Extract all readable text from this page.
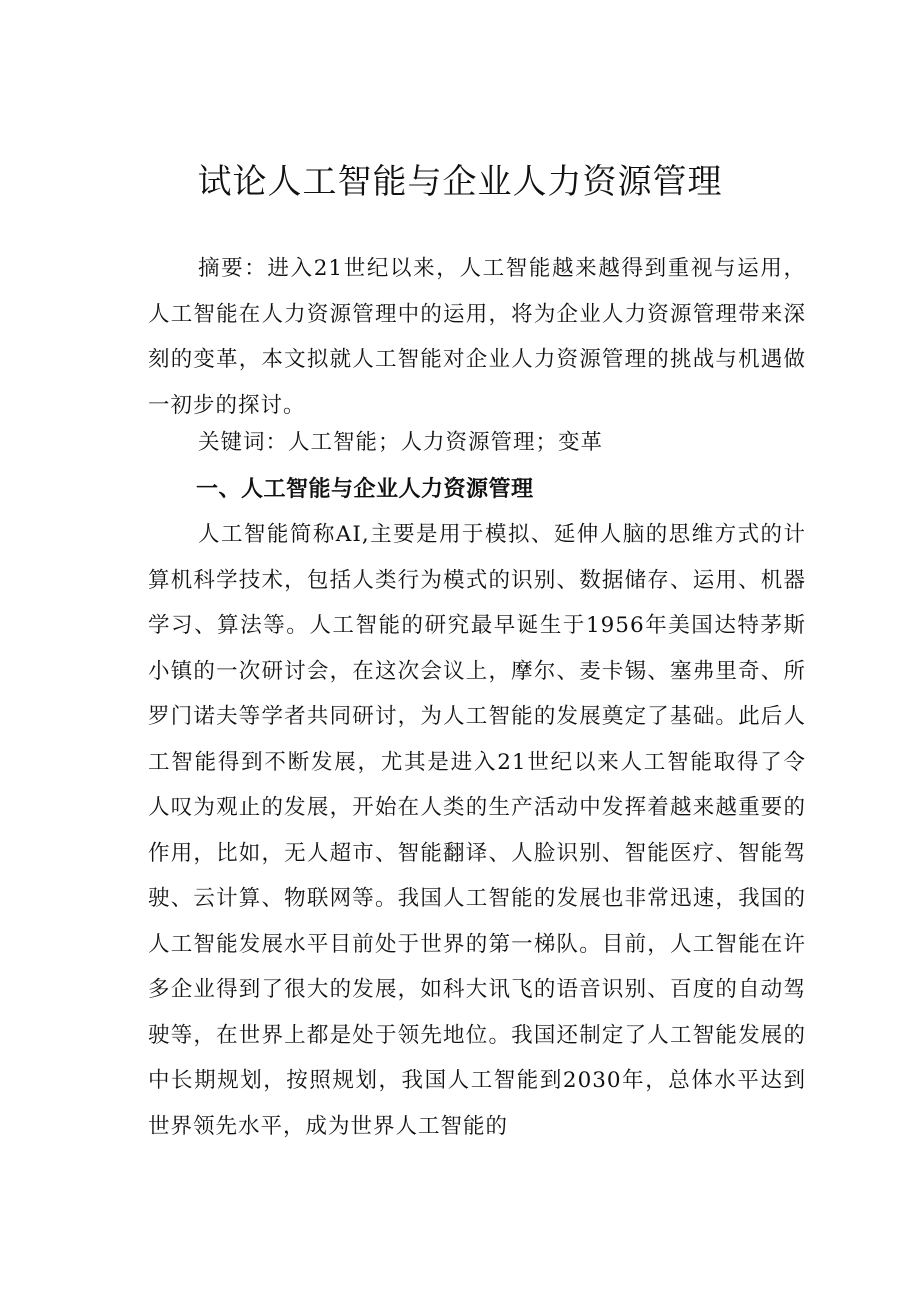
试论人工智能与企业人力资源管理

摘要：进入21世纪以来，人工智能越来越得到重视与运用，人工智能在人力资源管理中的运用，将为企业人力资源管理带来深刻的变革，本文拟就人工智能对企业人力资源管理的挑战与机遇做一初步的探讨。

关键词：人工智能；人力资源管理；变革

一、人工智能与企业人力资源管理

人工智能简称AI,主要是用于模拟、延伸人脑的思维方式的计算机科学技术，包括人类行为模式的识别、数据储存、运用、机器学习、算法等。人工智能的研究最早诞生于1956年美国达特茅斯小镇的一次研讨会，在这次会议上，摩尔、麦卡锡、塞弗里奇、所罗门诺夫等学者共同研讨，为人工智能的发展奠定了基础。此后人工智能得到不断发展，尤其是进入21世纪以来人工智能取得了令人叹为观止的发展，开始在人类的生产活动中发挥着越来越重要的作用，比如，无人超市、智能翻译、人脸识别、智能医疗、智能驾驶、云计算、物联网等。我国人工智能的发展也非常迅速，我国的人工智能发展水平目前处于世界的第一梯队。目前，人工智能在许多企业得到了很大的发展，如科大讯飞的语音识别、百度的自动驾驶等，在世界上都是处于领先地位。我国还制定了人工智能发展的中长期规划，按照规划，我国人工智能到2030年，总体水平达到世界领先水平，成为世界人工智能的
